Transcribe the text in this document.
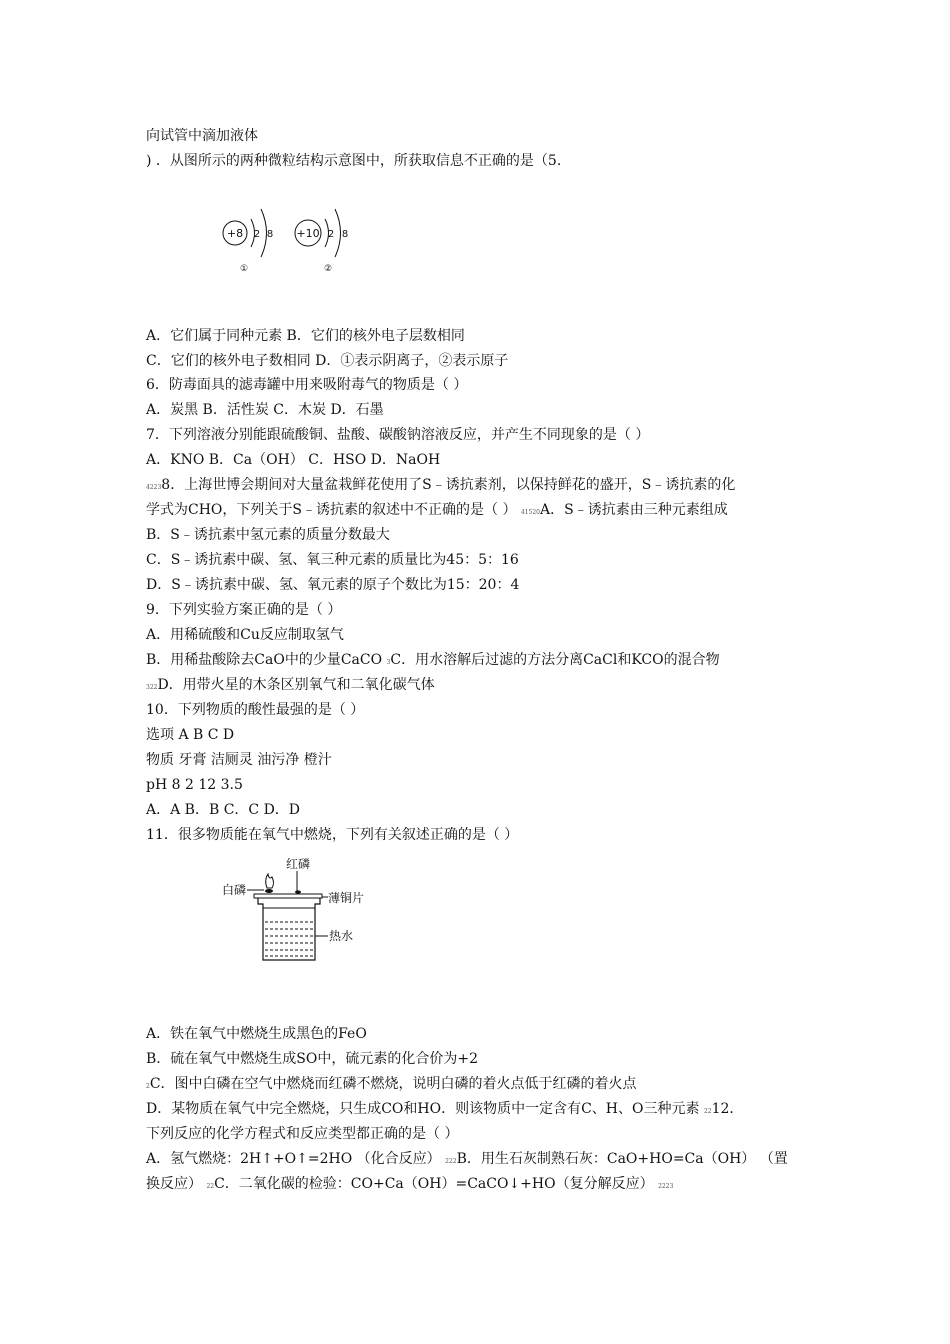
向试管中滴加液体
) ．从图所示的两种微粒结构示意图中，所获取信息不正确的是（5.
+8 2 8
①
+10 2 8
②
A．它们属于同种元素 B．它们的核外电子层数相同
C．它们的核外电子数相同 D．①表示阴离子，②表示原子
6．防毒面具的滤毒罐中用来吸附毒气的物质是（ ）
A．炭黑 B．活性炭 C．木炭 D．石墨
7．下列溶液分别能跟硫酸铜、盐酸、碳酸钠溶液反应，并产生不同现象的是（ ）
A．KNO B．Ca（OH） C．HSO D．NaOH
42238．上海世博会期间对大量盆栽鲜花使用了S﹣诱抗素剂，以保持鲜花的盛开，S﹣诱抗素的化
学式为CHO，下列关于S﹣诱抗素的叙述中不正确的是（ ） 41520A．S﹣诱抗素由三种元素组成
B．S﹣诱抗素中氢元素的质量分数最大
C．S﹣诱抗素中碳、氢、氧三种元素的质量比为45：5：16
D．S﹣诱抗素中碳、氢、氧元素的原子个数比为15：20：4
9．下列实验方案正确的是（ ）
A．用稀硫酸和Cu反应制取氢气
B．用稀盐酸除去CaO中的少量CaCO 3C．用水溶解后过滤的方法分离CaCl和KCO的混合物
322D．用带火星的木条区别氧气和二氧化碳气体
10．下列物质的酸性最强的是（ ）
选项 A B C D
物质 牙膏 洁厕灵 油污净 橙汁
pH 8 2 12 3.5
A．A B．B C．C D．D
11．很多物质能在氧气中燃烧，下列有关叙述正确的是（ ）
红磷
白磷
薄铜片
热水
A．铁在氧气中燃烧生成黑色的FeO
B．硫在氧气中燃烧生成SO中，硫元素的化合价为+2
2C．图中白磷在空气中燃烧而红磷不燃烧，说明白磷的着火点低于红磷的着火点
D．某物质在氧气中完全燃烧，只生成CO和HO．则该物质中一定含有C、H、O三种元素 2212．
下列反应的化学方程式和反应类型都正确的是（ ）
A．氢气燃烧：2H↑+O↑=2HO （化合反应） 222B．用生石灰制熟石灰：CaO+HO=Ca（OH） （置
换反应） 22C．二氧化碳的检验：CO+Ca（OH）=CaCO↓+HO（复分解反应） 2223
